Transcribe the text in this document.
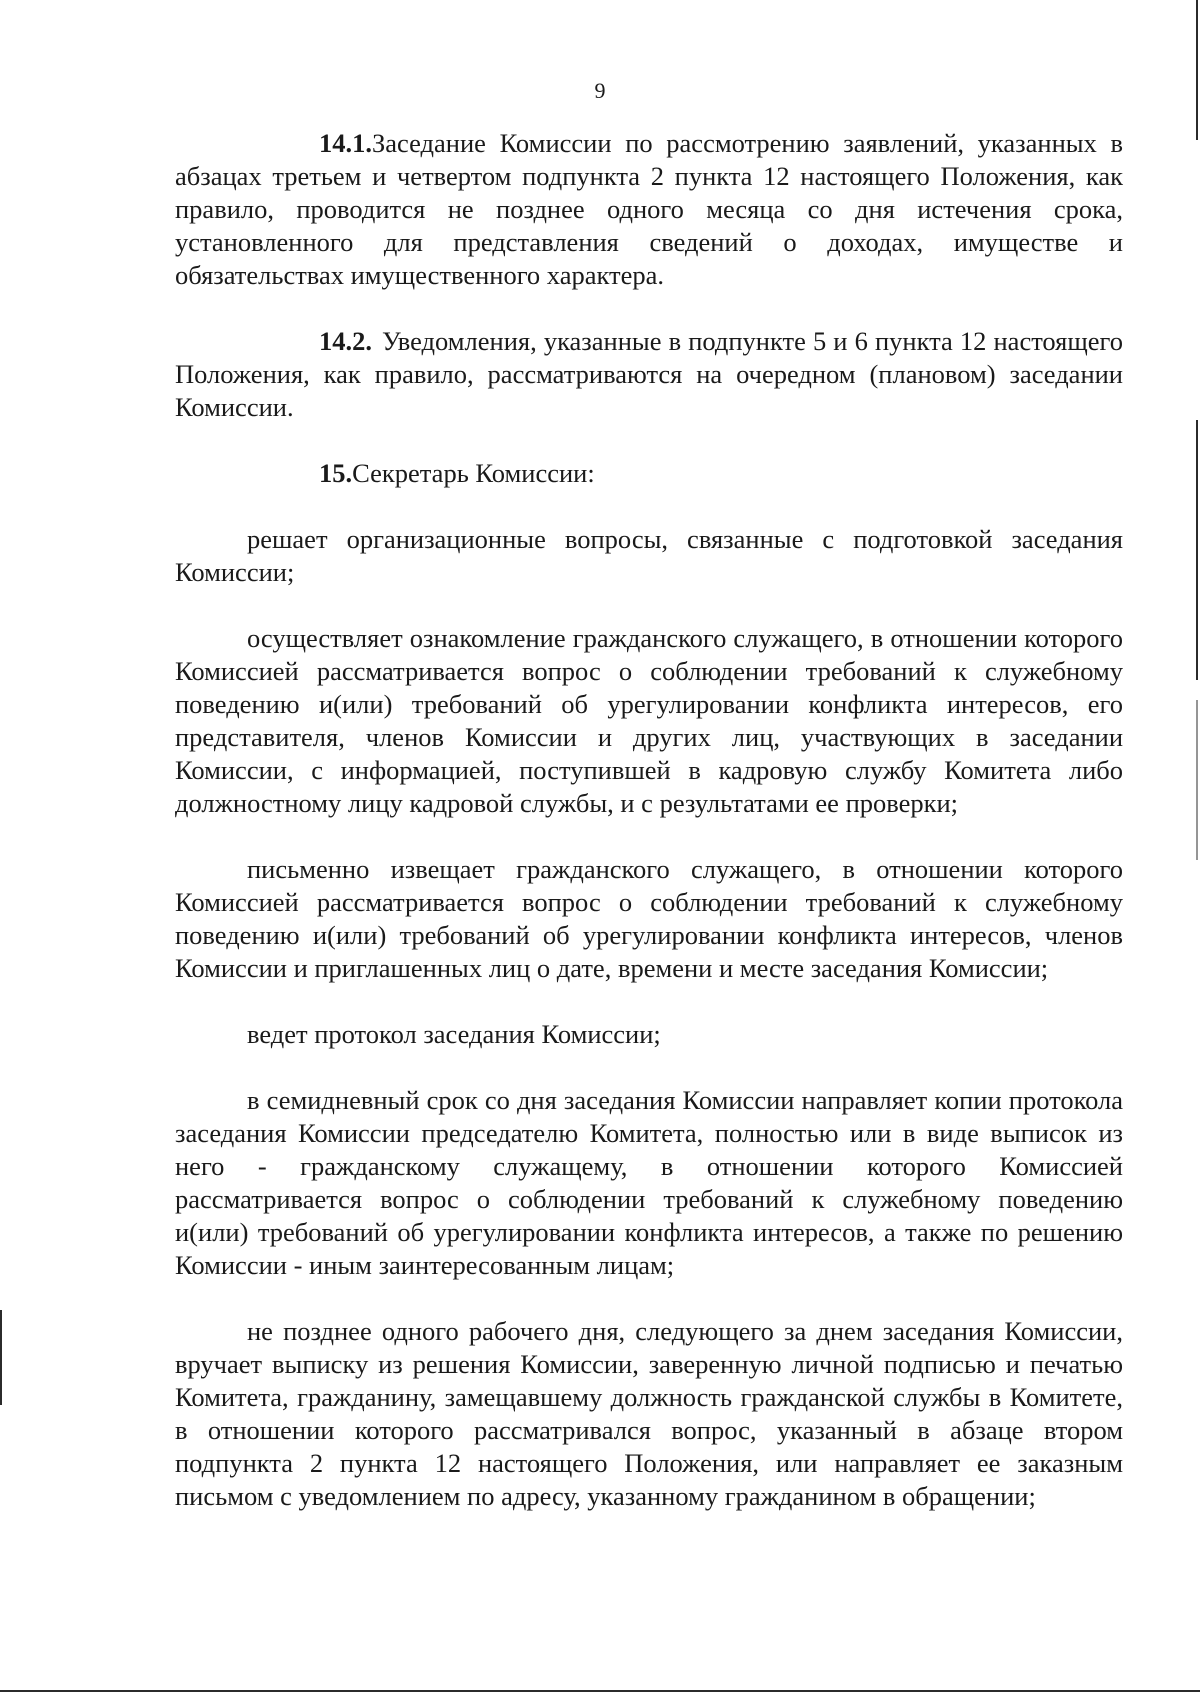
9

14.1.Заседание Комиссии по рассмотрению заявлений, указанных в абзацах третьем и четвертом подпункта 2 пункта 12 настоящего Положения, как правило, проводится не позднее одного месяца со дня истечения срока, установленного для представления сведений о доходах, имуществе и обязательствах имущественного характера.

14.2. Уведомления, указанные в подпункте 5 и 6 пункта 12 настоящего Положения, как правило, рассматриваются на очередном (плановом) заседании Комиссии.

15.Секретарь Комиссии:

решает организационные вопросы, связанные с подготовкой заседания Комиссии;

осуществляет ознакомление гражданского служащего, в отношении которого Комиссией рассматривается вопрос о соблюдении требований к служебному поведению и(или) требований об урегулировании конфликта интересов, его представителя, членов Комиссии и других лиц, участвующих в заседании Комиссии, с информацией, поступившей в кадровую службу Комитета либо должностному лицу кадровой службы, и с результатами ее проверки;

письменно извещает гражданского служащего, в отношении которого Комиссией рассматривается вопрос о соблюдении требований к служебному поведению и(или) требований об урегулировании конфликта интересов, членов Комиссии и приглашенных лиц о дате, времени и месте заседания Комиссии;

ведет протокол заседания Комиссии;

в семидневный срок со дня заседания Комиссии направляет копии протокола заседания Комиссии председателю Комитета, полностью или в виде выписок из него - гражданскому служащему, в отношении которого Комиссией рассматривается вопрос о соблюдении требований к служебному поведению и(или) требований об урегулировании конфликта интересов, а также по решению Комиссии - иным заинтересованным лицам;

не позднее одного рабочего дня, следующего за днем заседания Комиссии, вручает выписку из решения Комиссии, заверенную личной подписью и печатью Комитета, гражданину, замещавшему должность гражданской службы в Комитете, в отношении которого рассматривался вопрос, указанный в абзаце втором подпункта 2 пункта 12 настоящего Положения, или направляет ее заказным письмом с уведомлением по адресу, указанному гражданином в обращении;
